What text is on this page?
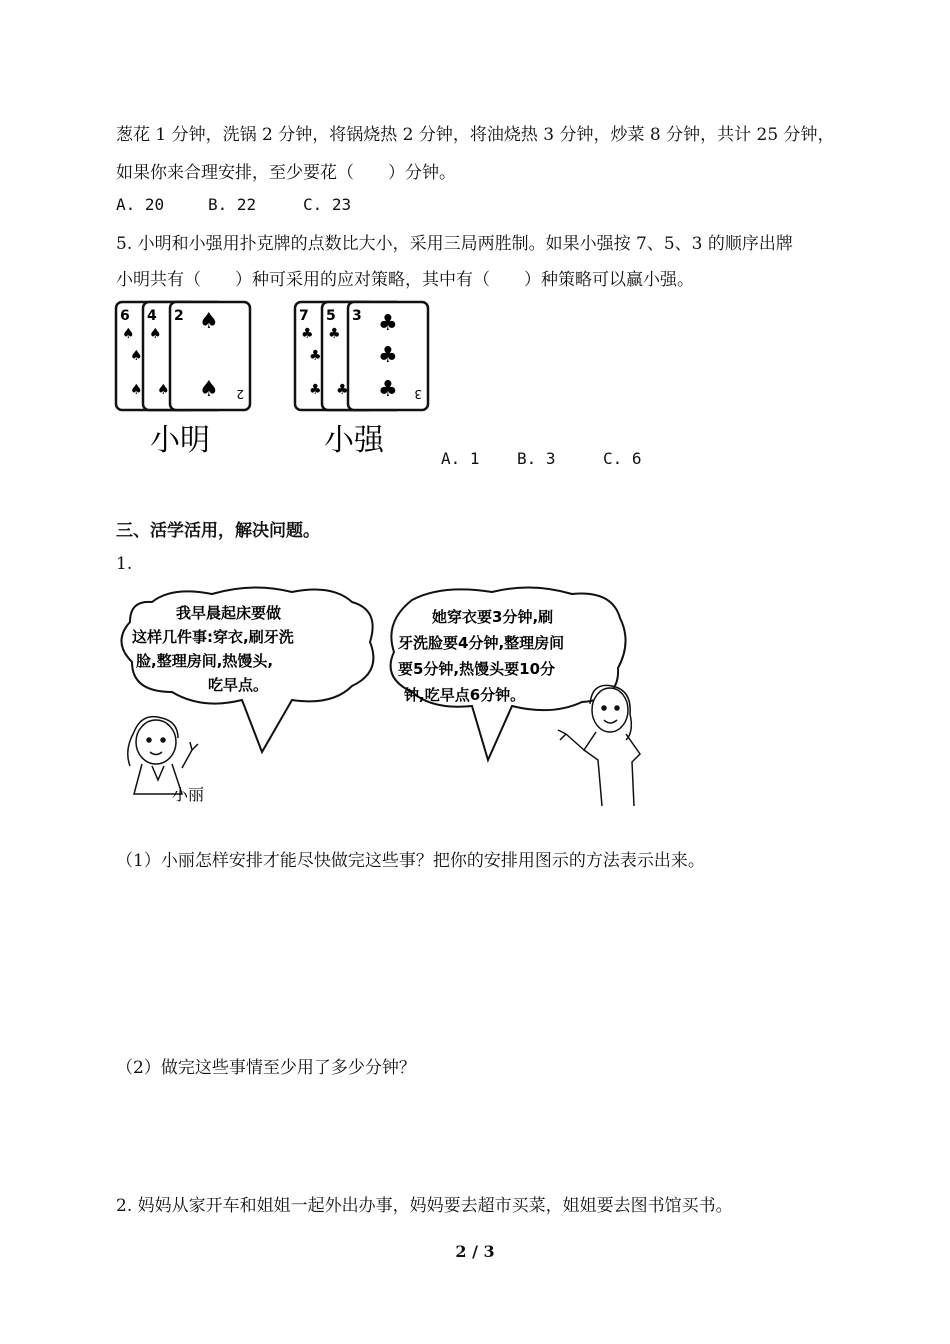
葱花 1 分钟，洗锅 2 分钟，将锅烧热 2 分钟，将油烧热 3 分钟，炒菜 8 分钟，共计 25 分钟，
如果你来合理安排，至少要花（　　）分钟。
A. 20	B. 22	C. 23
5. 小明和小强用扑克牌的点数比大小，采用三局两胜制。如果小强按 7、5、3 的顺序出牌
小明共有（　　）种可采用的应对策略，其中有（　　）种策略可以赢小强。
6 4 2
♠ ♠
♠
♠ ♠
♠
♠ 2
小明
7 5 3
♣ ♣
♣
♣ ♣
♣
♣
♣ 3
小强
A. 1 B. 3	C. 6
三、活学活用，解决问题。
1.
我早晨起床要做
这样几件事:穿衣,刷牙洗
脸,整理房间,热馒头,
吃早点。
她穿衣要3分钟,刷
牙洗脸要4分钟,整理房间
要5分钟,热馒头要10分
钟,吃早点6分钟。
小丽
（1）小丽怎样安排才能尽快做完这些事？把你的安排用图示的方法表示出来。
（2）做完这些事情至少用了多少分钟？
2. 妈妈从家开车和姐姐一起外出办事，妈妈要去超市买菜，姐姐要去图书馆买书。
2 / 3
